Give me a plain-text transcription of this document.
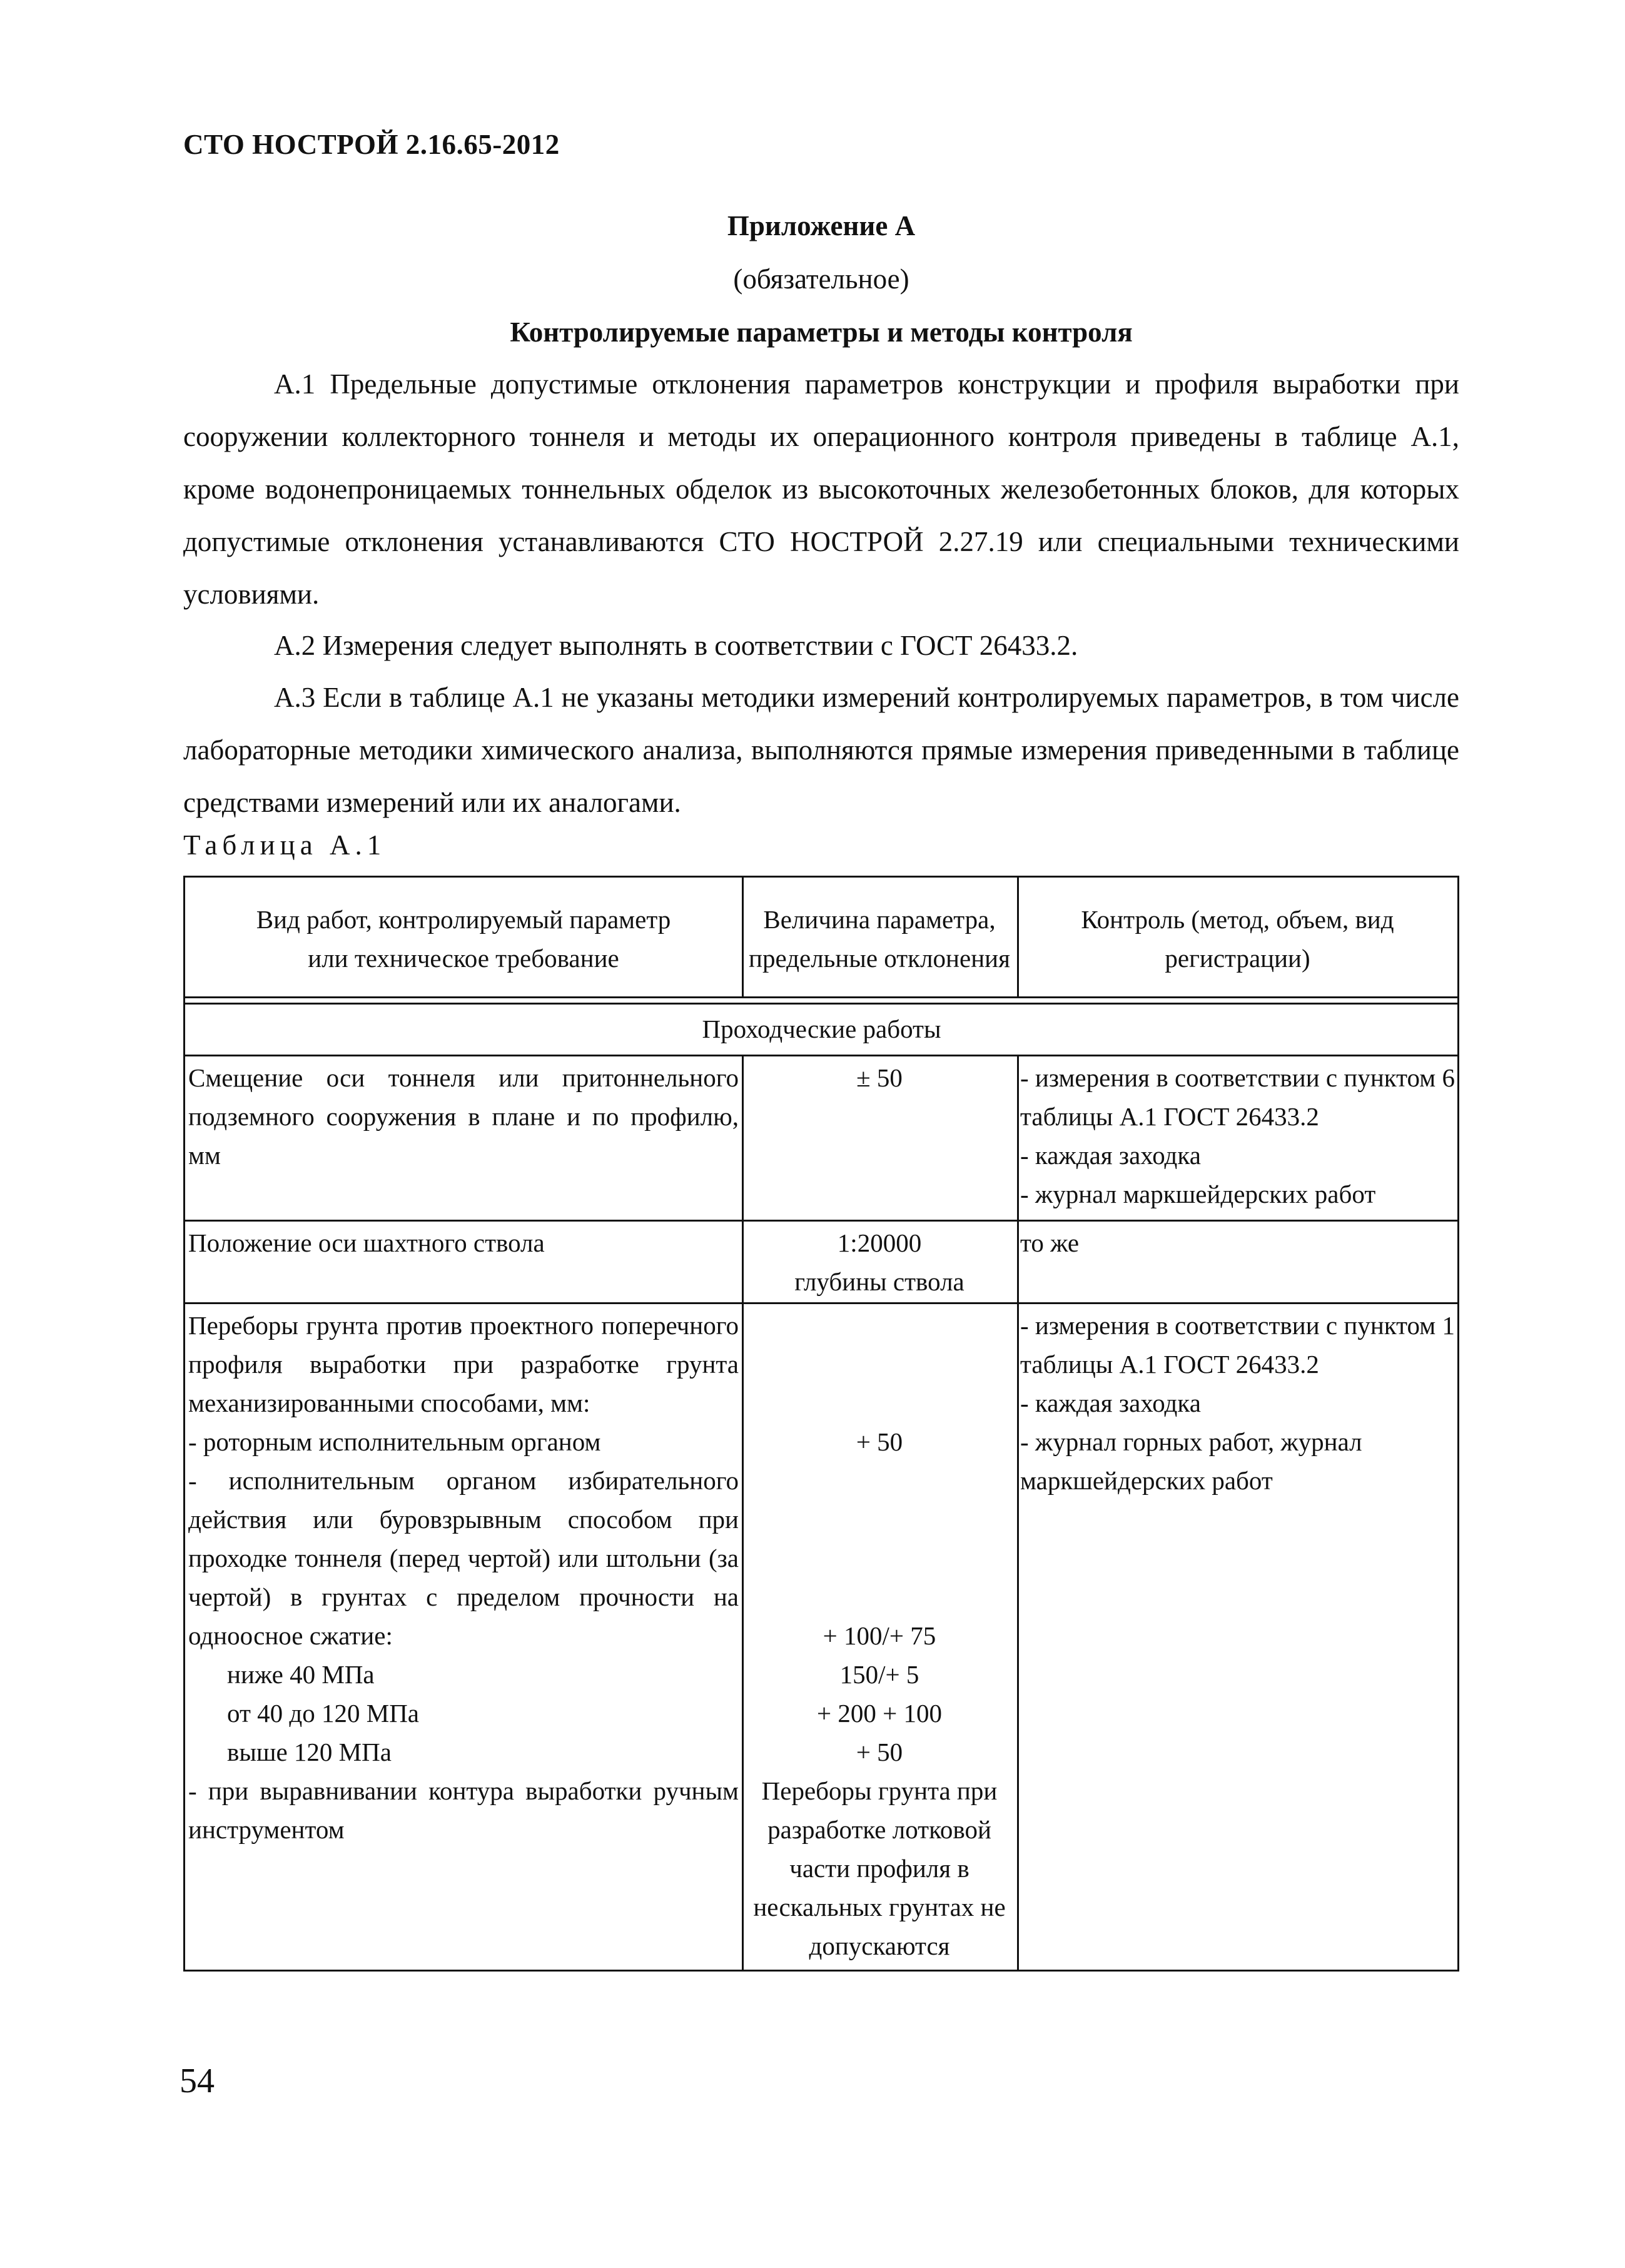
СТО НОСТРОЙ 2.16.65-2012
Приложение А
(обязательное)
Контролируемые параметры и методы контроля
А.1 Предельные допустимые отклонения параметров конструкции и профиля выработки при сооружении коллекторного тоннеля и методы их операционного контроля приведены в таблице А.1, кроме водонепроницаемых тоннельных обделок из высокоточных железобетонных блоков, для которых допустимые отклонения устанавливаются СТО НОСТРОЙ 2.27.19 или специальными техническими условиями.
А.2 Измерения следует выполнять в соответствии с ГОСТ 26433.2.
А.3 Если в таблице А.1 не указаны методики измерений контролируемых параметров, в том числе лабораторные методики химического анализа, выполняются прямые измерения приведенными в таблице средствами измерений или их аналогами.
Таблица А.1
Вид работ, контролируемый параметр или техническое требование
Величина параметра, предельные отклонения
Контроль (метод, объем, вид регистрации)
Проходческие работы
Смещение оси тоннеля или притоннельного подземного сооружения в плане и по профилю, мм
± 50	- измерения в соответствии с пунктом 6 таблицы А.1 ГОСТ 26433.2
- каждая заходка
- журнал маркшейдерских работ
Положение оси шахтного ствола	1:20000
глубины ствола
то же
Переборы грунта против проектного поперечного профиля выработки при разработке грунта механизированными способами, мм:
- роторным исполнительным органом
- исполнительным органом избирательного действия или буровзрывным способом при проходке тоннеля (перед чертой) или штольни (за чертой) в грунтах с пределом прочности на одноосное сжатие:
ниже 40 МПа
от 40 до 120 МПа
выше 120 МПа
- при выравнивании контура выработки ручным инструментом
+ 50
+ 100/+ 75
150/+ 5
+ 200 + 100
+ 50
Переборы грунта при разработке лотковой части профиля в нескальных грунтах не допускаются
- измерения в соответствии с пунктом 1 таблицы А.1 ГОСТ 26433.2
- каждая заходка
- журнал горных работ, журнал маркшейдерских работ
54
